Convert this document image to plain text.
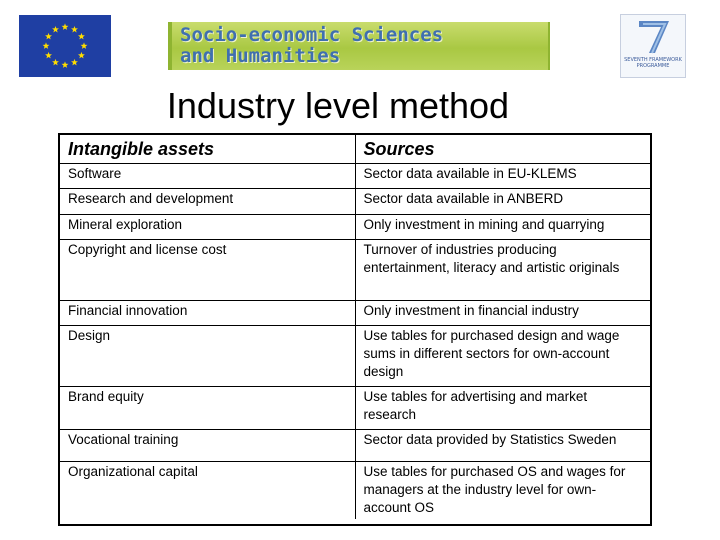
Socio-economic Sciences
and Humanities	SEVENTH FRAMEWORK PROGRAMME
Industry level method
Intangible assets	Sources
Software	Sector data available in EU-KLEMS
Research and development	Sector data available in ANBERD
Mineral exploration	Only investment in mining and quarrying
Copyright and license cost	Turnover of industries producing entertainment, literacy and artistic originals
Financial innovation	Only investment in financial industry
Design	Use tables for purchased design and wage sums in different sectors for own-account design
Brand equity	Use tables for advertising and market research
Vocational training	Sector data provided by Statistics Sweden
Organizational capital	Use tables for purchased OS and wages for managers at the industry level for own-account OS
